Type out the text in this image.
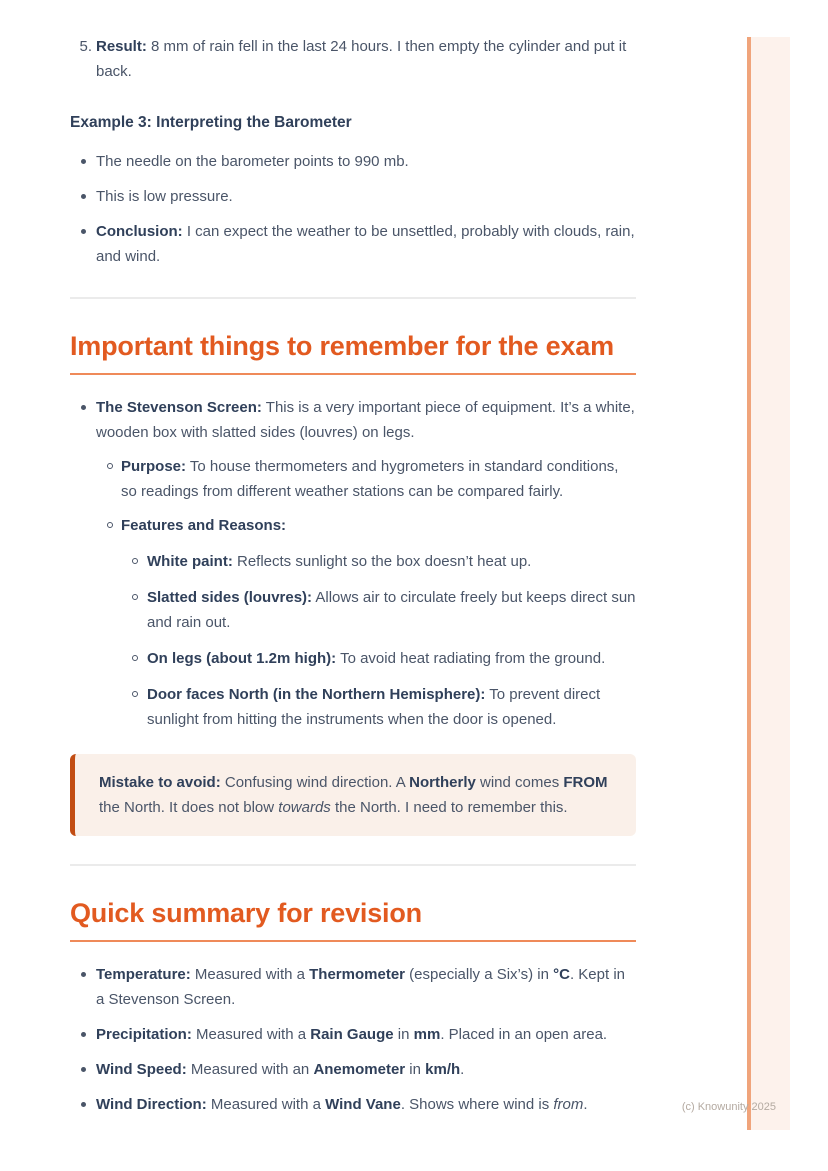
5. Result: 8 mm of rain fell in the last 24 hours. I then empty the cylinder and put it back.
Example 3: Interpreting the Barometer
The needle on the barometer points to 990 mb.
This is low pressure.
Conclusion: I can expect the weather to be unsettled, probably with clouds, rain, and wind.
Important things to remember for the exam
The Stevenson Screen: This is a very important piece of equipment. It’s a white, wooden box with slatted sides (louvres) on legs.
Purpose: To house thermometers and hygrometers in standard conditions, so readings from different weather stations can be compared fairly.
Features and Reasons:
White paint: Reflects sunlight so the box doesn’t heat up.
Slatted sides (louvres): Allows air to circulate freely but keeps direct sun and rain out.
On legs (about 1.2m high): To avoid heat radiating from the ground.
Door faces North (in the Northern Hemisphere): To prevent direct sunlight from hitting the instruments when the door is opened.
Mistake to avoid: Confusing wind direction. A Northerly wind comes FROM the North. It does not blow towards the North. I need to remember this.
Quick summary for revision
Temperature: Measured with a Thermometer (especially a Six’s) in °C. Kept in a Stevenson Screen.
Precipitation: Measured with a Rain Gauge in mm. Placed in an open area.
Wind Speed: Measured with an Anemometer in km/h.
Wind Direction: Measured with a Wind Vane. Shows where wind is from.	(c) Knowunity 2025
